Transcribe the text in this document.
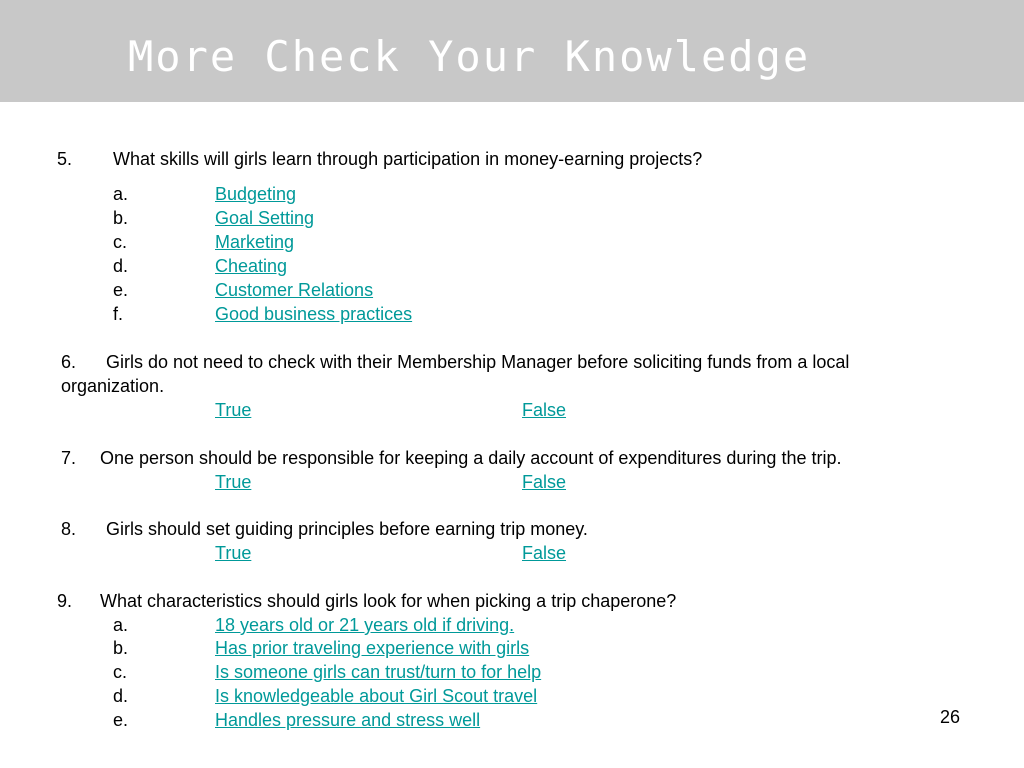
More Check Your Knowledge
5. What skills will girls learn through participation in money-earning projects?
a.	Budgeting
b.	Goal Setting
c.	Marketing
d.	Cheating
e.	Customer Relations
f.	Good business practices
6. Girls do not need to check with their Membership Manager before soliciting funds from a local
organization.
True	False
7. One person should be responsible for keeping a daily account of expenditures during the trip.
True	False
8. Girls should set guiding principles before earning trip money.
True	False
9. What characteristics should girls look for when picking a trip chaperone?
a.	18 years old or 21 years old if driving.
b.	Has prior traveling experience with girls
c.	Is someone girls can trust/turn to for help
d.	Is knowledgeable about Girl Scout travel
e.	Handles pressure and stress well	26
